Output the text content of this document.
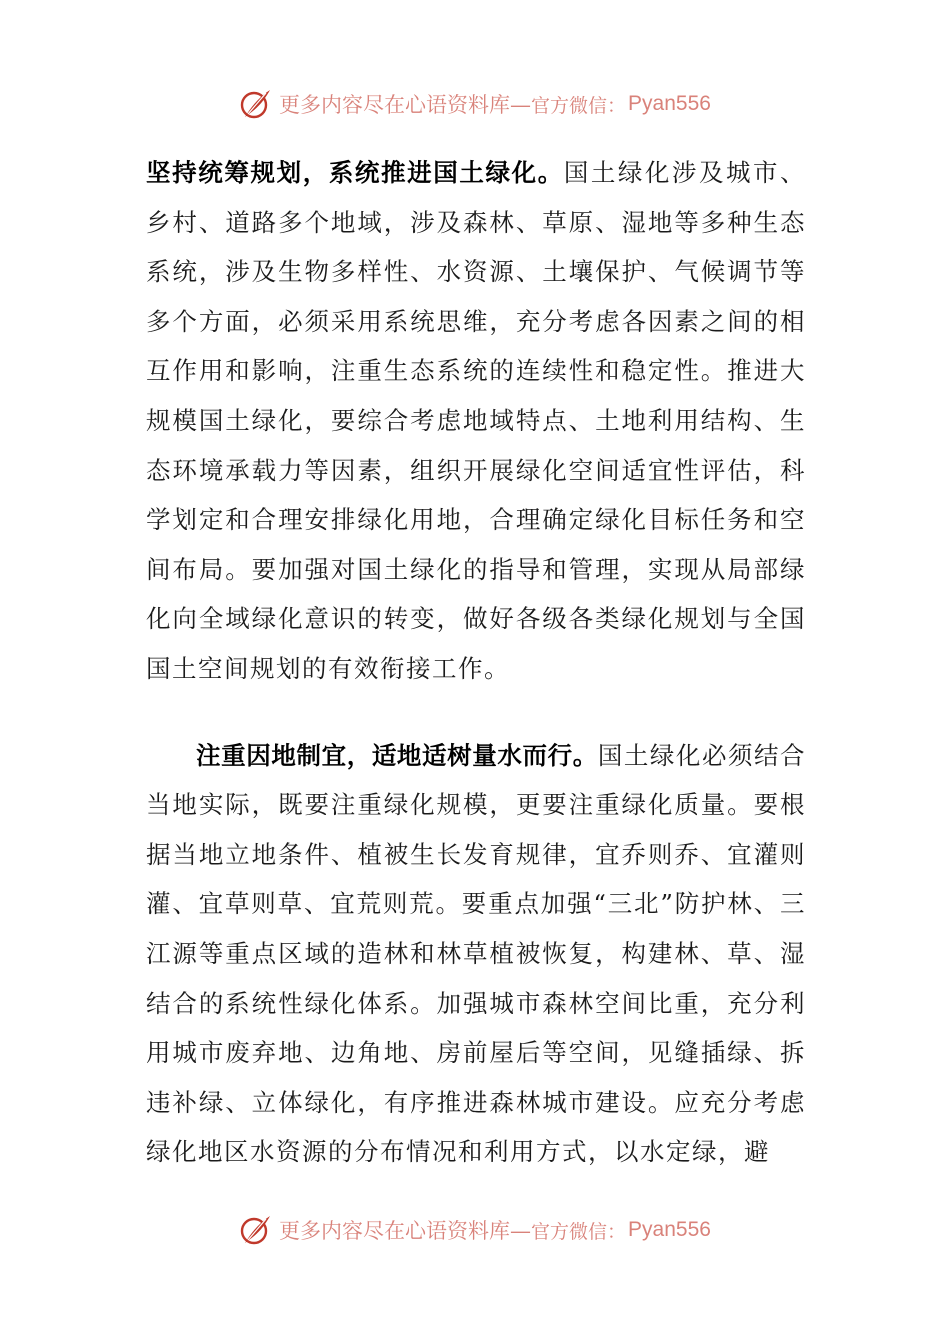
更多内容尽在心语资料库— 官方微信： Pyan556

坚持统筹规划，系统推进国土绿化。国土绿化涉及城市、乡村、道路多个地域，涉及森林、草原、湿地等多种生态系统，涉及生物多样性、水资源、土壤保护、气候调节等多个方面，必须采用系统思维，充分考虑各因素之间的相互作用和影响，注重生态系统的连续性和稳定性。推进大规模国土绿化，要综合考虑地域特点、土地利用结构、生态环境承载力等因素，组织开展绿化空间适宜性评估，科学划定和合理安排绿化用地，合理确定绿化目标任务和空间布局。要加强对国土绿化的指导和管理，实现从局部绿化向全域绿化意识的转变，做好各级各类绿化规划与全国国土空间规划的有效衔接工作。

注重因地制宜，适地适树量水而行。国土绿化必须结合当地实际，既要注重绿化规模，更要注重绿化质量。要根据当地立地条件、植被生长发育规律，宜乔则乔、宜灌则灌、宜草则草、宜荒则荒。要重点加强“三北”防护林、三江源等重点区域的造林和林草植被恢复，构建林、草、湿结合的系统性绿化体系。加强城市森林空间比重，充分利用城市废弃地、边角地、房前屋后等空间，见缝插绿、拆违补绿、立体绿化，有序推进森林城市建设。应充分考虑绿化地区水资源的分布情况和利用方式，以水定绿，避

更多内容尽在心语资料库— 官方微信： Pyan556
